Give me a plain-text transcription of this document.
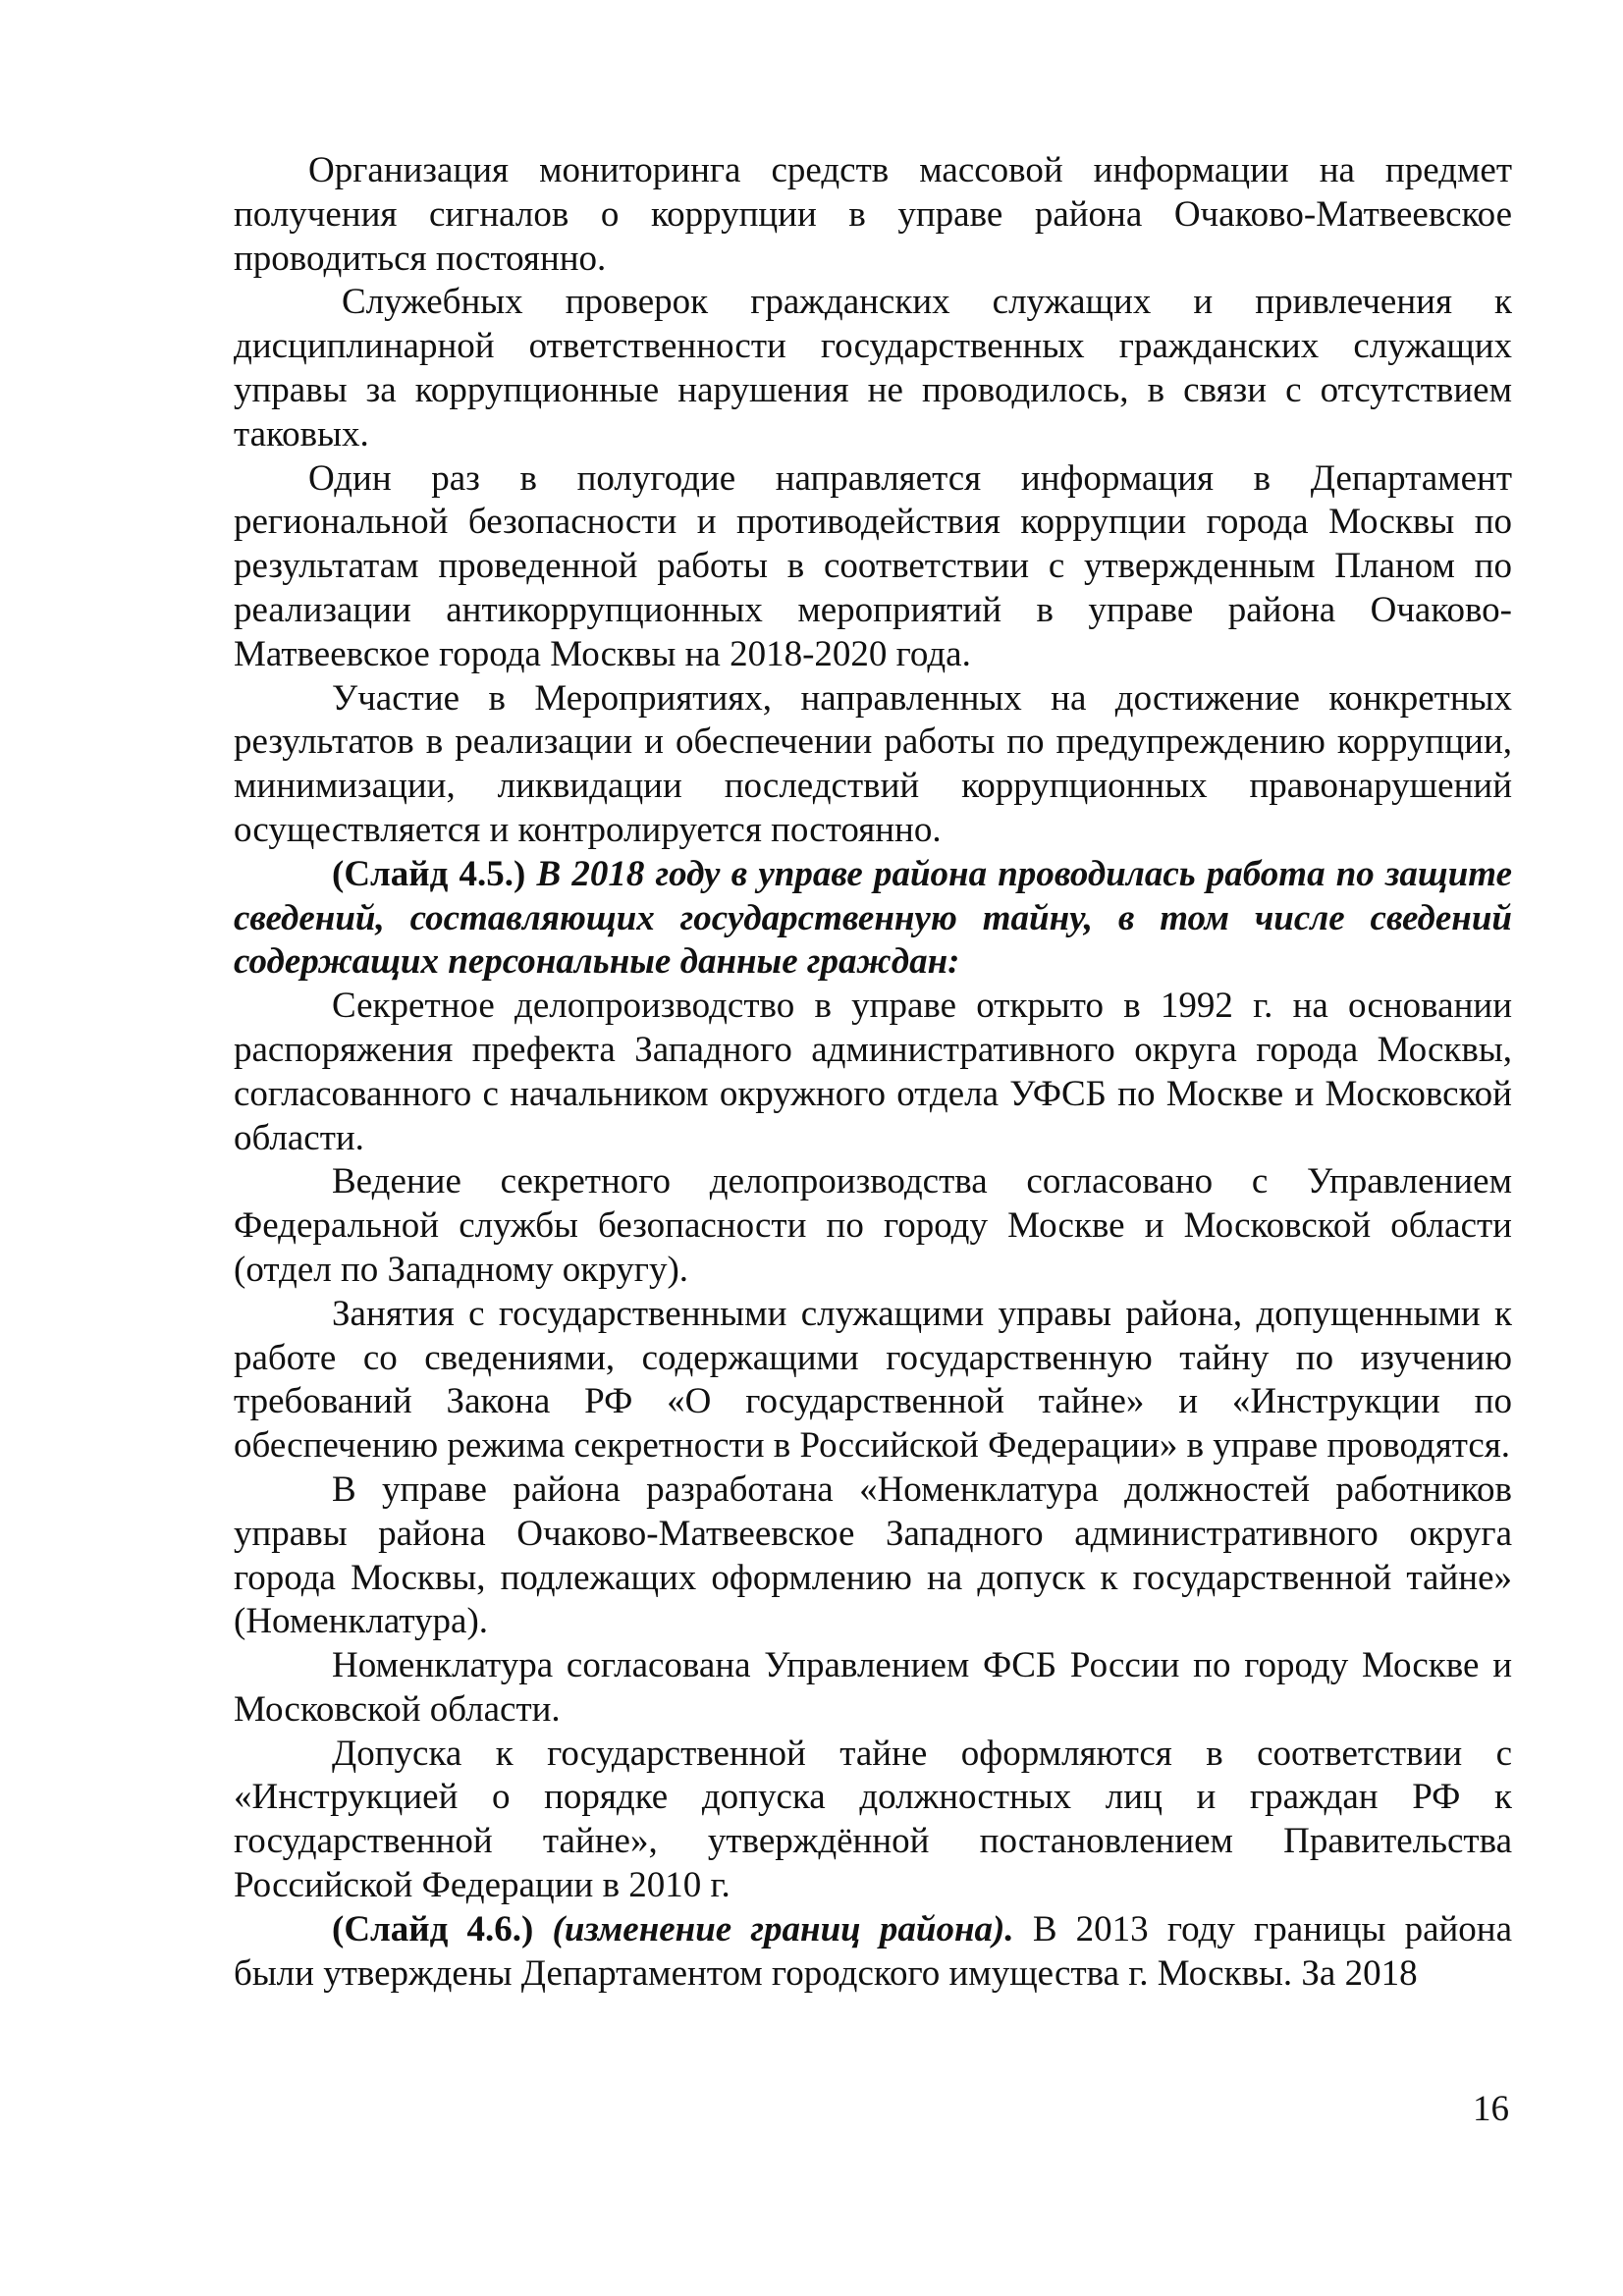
Организация мониторинга средств массовой информации на предмет получения сигналов о коррупции в управе района Очаково-Матвеевское проводиться постоянно.

Служебных проверок гражданских служащих и привлечения к дисциплинарной ответственности государственных гражданских служащих управы за коррупционные нарушения не проводилось, в связи с отсутствием таковых.

Один раз в полугодие направляется информация в Департамент региональной безопасности и противодействия коррупции города Москвы по результатам проведенной работы в соответствии с утвержденным Планом по реализации антикоррупционных мероприятий в управе района Очаково-Матвеевское города Москвы на 2018-2020 года.

Участие в Мероприятиях, направленных на достижение конкретных результатов в реализации и обеспечении работы по предупреждению коррупции, минимизации, ликвидации последствий коррупционных правонарушений осуществляется и контролируется постоянно.

(Слайд 4.5.) В 2018 году в управе района проводилась работа по защите сведений, составляющих государственную тайну, в том числе сведений содержащих персональные данные граждан:

Секретное делопроизводство в управе открыто в 1992 г. на основании распоряжения префекта Западного административного округа города Москвы, согласованного с начальником окружного отдела УФСБ по Москве и Московской области.

Ведение секретного делопроизводства согласовано с Управлением Федеральной службы безопасности по городу Москве и Московской области (отдел по Западному округу).

Занятия с государственными служащими управы района, допущенными к работе со сведениями, содержащими государственную тайну по изучению требований Закона РФ «О государственной тайне» и «Инструкции по обеспечению режима секретности в Российской Федерации» в управе проводятся.

В управе района разработана «Номенклатура должностей работников управы района Очаково-Матвеевское Западного административного округа города Москвы, подлежащих оформлению на допуск к государственной тайне» (Номенклатура).

Номенклатура согласована Управлением ФСБ России по городу Москве и Московской области.

Допуска к государственной тайне оформляются в соответствии с «Инструкцией о порядке допуска должностных лиц и граждан РФ к государственной тайне», утверждённой постановлением Правительства Российской Федерации в 2010 г.

(Слайд 4.6.) (изменение границ района). В 2013 году границы района были утверждены Департаментом городского имущества г. Москвы. За 2018

16
